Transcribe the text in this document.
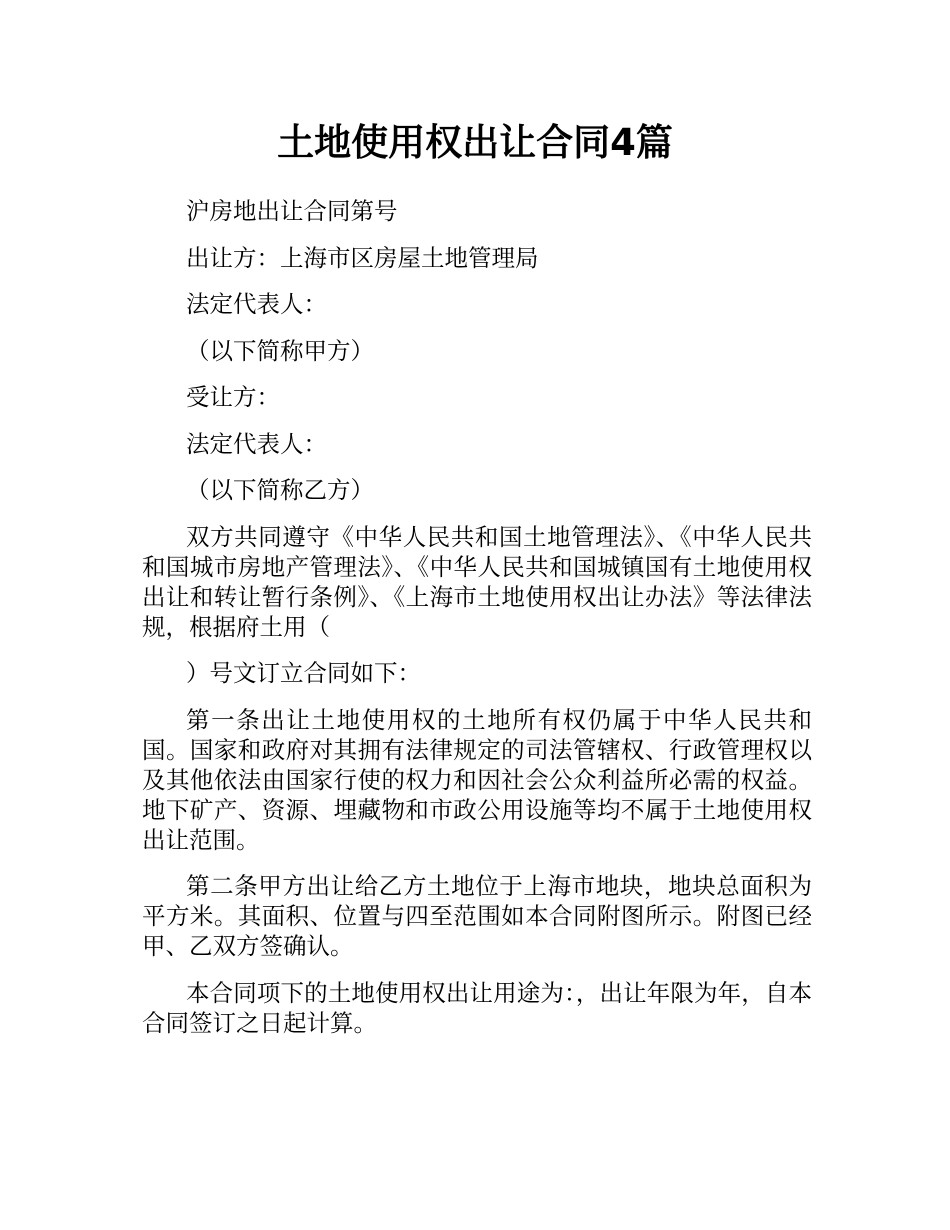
土地使用权出让合同4篇

沪房地出让合同第号

出让方：上海市区房屋土地管理局

法定代表人：

（以下简称甲方）

受让方：

法定代表人：

（以下简称乙方）

双方共同遵守《中华人民共和国土地管理法》、《中华人民共和国城市房地产管理法》、《中华人民共和国城镇国有土地使用权出让和转让暂行条例》、《上海市土地使用权出让办法》等法律法规，根据府土用（

）号文订立合同如下：

第一条出让土地使用权的土地所有权仍属于中华人民共和国。国家和政府对其拥有法律规定的司法管辖权、行政管理权以及其他依法由国家行使的权力和因社会公众利益所必需的权益。地下矿产、资源、埋藏物和市政公用设施等均不属于土地使用权出让范围。

第二条甲方出让给乙方土地位于上海市地块，地块总面积为平方米。其面积、位置与四至范围如本合同附图所示。附图已经甲、乙双方签确认。

本合同项下的土地使用权出让用途为：，出让年限为年，自本合同签订之日起计算。
